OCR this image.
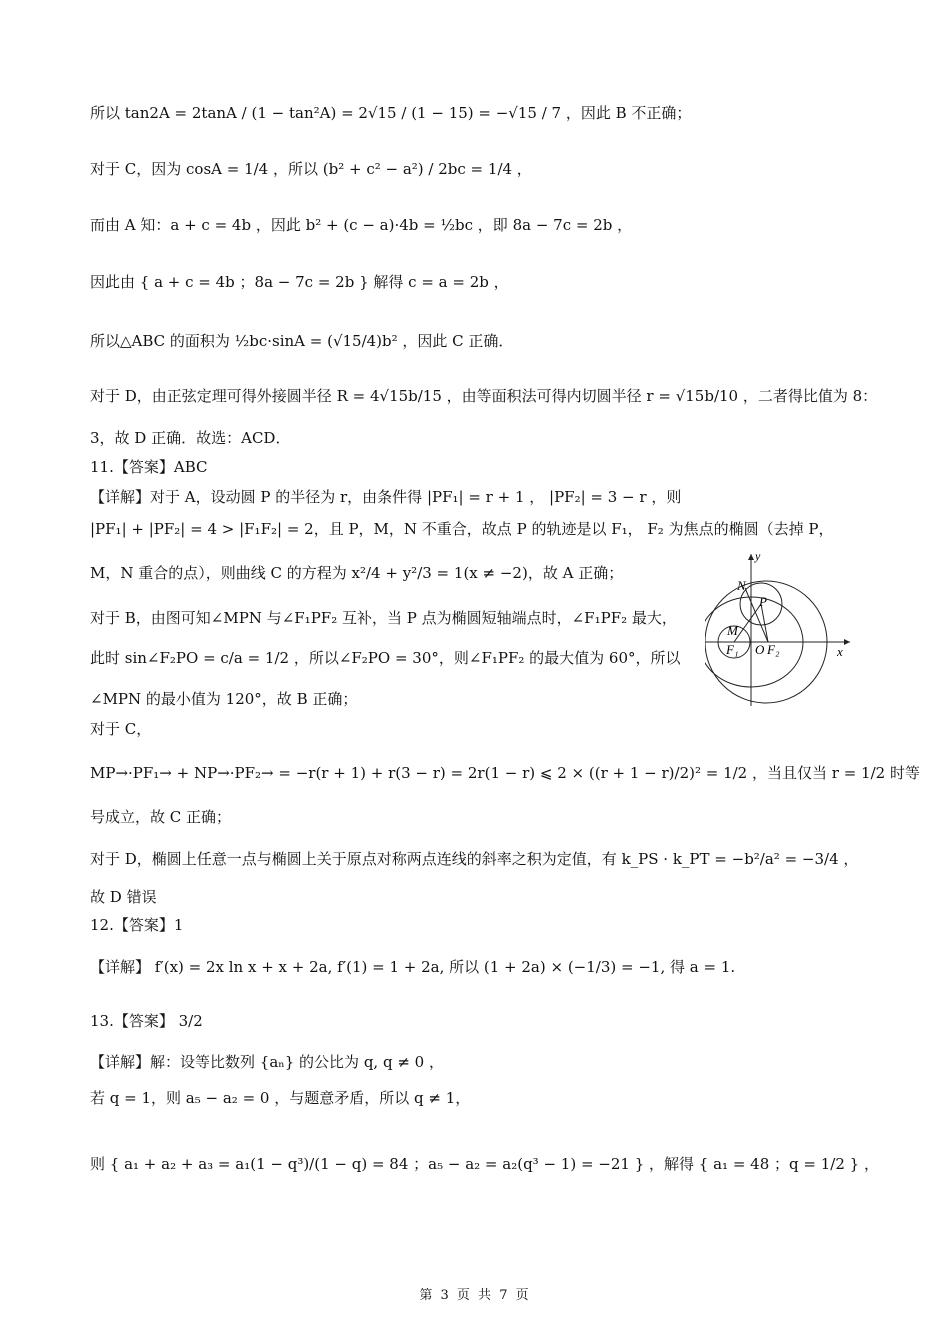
所以 tan2A = 2tanA / (1 − tan²A) = 2√15 / (1 − 15) = −√15 / 7 ，因此 B 不正确；
对于 C，因为 cosA = 1/4 ，所以 (b² + c² − a²) / 2bc = 1/4 ，
而由 A 知：a + c = 4b ，因此 b² + (c − a)·4b = ½bc ，即 8a − 7c = 2b ，
因此由 { a + c = 4b ；8a − 7c = 2b } 解得 c = a = 2b ，
所以△ABC 的面积为 ½bc·sinA = (√15/4)b² ，因此 C 正确．
对于 D，由正弦定理可得外接圆半径 R = 4√15b/15 ，由等面积法可得内切圆半径 r = √15b/10 ，二者得比值为 8：
3，故 D 正确．故选：ACD．
11.【答案】ABC
【详解】对于 A，设动圆 P 的半径为 r，由条件得 |PF₁| = r + 1 ， |PF₂| = 3 − r ，则
|PF₁| + |PF₂| = 4 > |F₁F₂| = 2，且 P，M，N 不重合，故点 P 的轨迹是以 F₁， F₂ 为焦点的椭圆（去掉 P，
M，N 重合的点），则曲线 C 的方程为 x²/4 + y²/3 = 1(x ≠ −2)，故 A 正确；
对于 B，由图可知∠MPN 与∠F₁PF₂ 互补，当 P 点为椭圆短轴端点时，∠F₁PF₂ 最大，
此时 sin∠F₂PO = c/a = 1/2 ，所以∠F₂PO = 30°，则∠F₁PF₂ 的最大值为 60°，所以
∠MPN 的最小值为 120°，故 B 正确；
对于 C，
MP→·PF₁→ + NP→·PF₂→ = −r(r + 1) + r(3 − r) = 2r(1 − r) ⩽ 2 × ((r + 1 − r)/2)² = 1/2 ，当且仅当 r = 1/2 时等
号成立，故 C 正确；
对于 D，椭圆上任意一点与椭圆上关于原点对称两点连线的斜率之积为定值，有 k_PS · k_PT = −b²/a² = −3/4 ，
故 D 错误
12.【答案】1
【详解】 f′(x) = 2x ln x + x + 2a, f′(1) = 1 + 2a, 所以 (1 + 2a) × (−1/3) = −1, 得 a = 1.
13.【答案】 3/2
【详解】解：设等比数列 {aₙ} 的公比为 q, q ≠ 0 ，
若 q = 1，则 a₅ − a₂ = 0 ，与题意矛盾，所以 q ≠ 1，
则 { a₁ + a₂ + a₃ = a₁(1 − q³)/(1 − q) = 84 ；a₅ − a₂ = a₂(q³ − 1) = −21 } ，解得 { a₁ = 48 ；q = 1/2 } ，
y
x
N
P
M
F₁ O F₂
第 3 页 共 7 页
